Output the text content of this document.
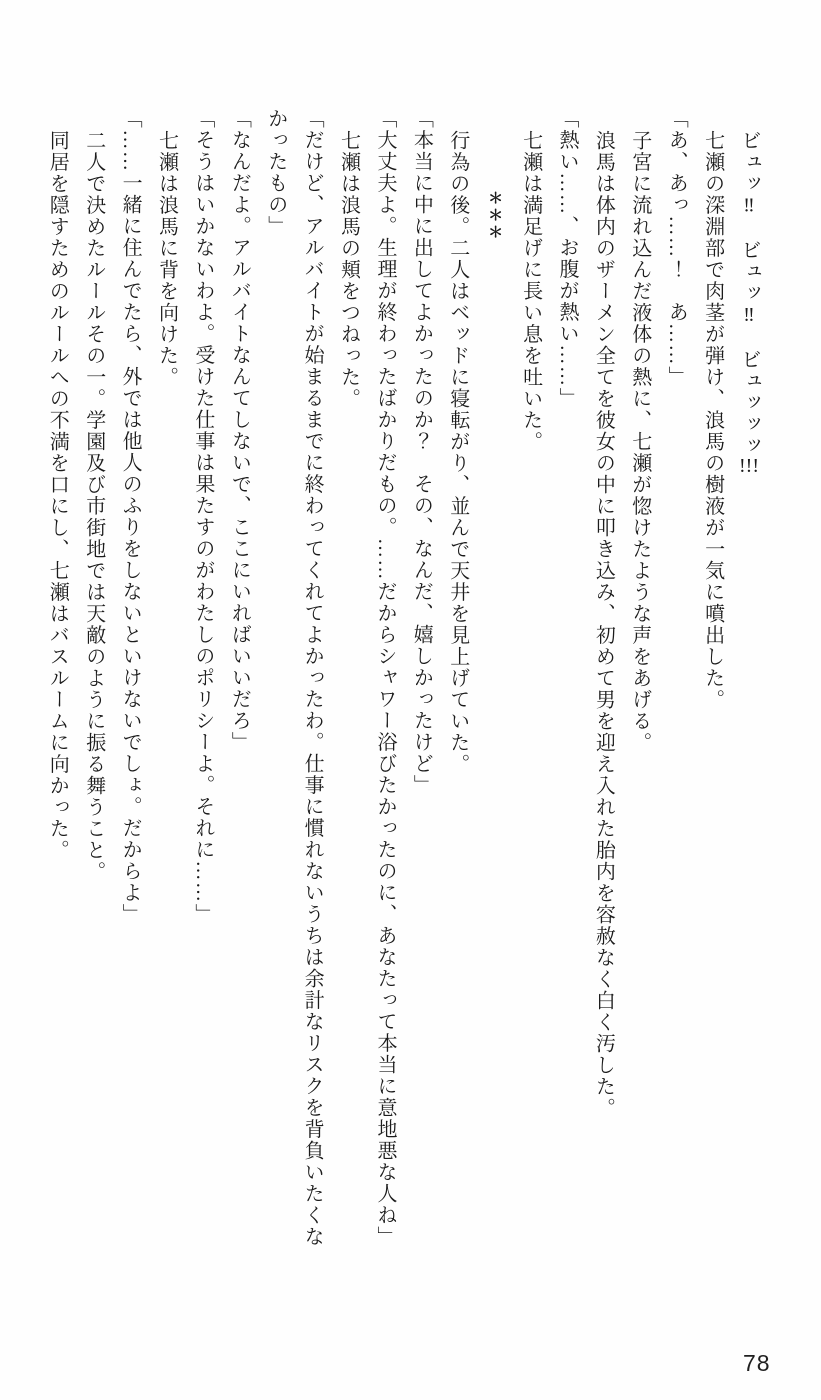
ビュッ‼　ビュッ‼　ビュッッッ!!!

七瀬の深淵部で肉茎が弾け、浪馬の樹液が一気に噴出した。

「あ、あっ……！　あ……」

子宮に流れ込んだ液体の熱に、七瀬が惚けたような声をあげる。

浪馬は体内のザーメン全てを彼女の中に叩き込み、初めて男を迎え入れた胎内を容赦なく白く汚した。

「熱い……、お腹が熱い……」

七瀬は満足げに長い息を吐いた。

＊＊＊

行為の後。二人はベッドに寝転がり、並んで天井を見上げていた。

「本当に中に出してよかったのか？　その、なんだ、嬉しかったけど」

「大丈夫よ。生理が終わったばかりだもの。……だからシャワー浴びたかったのに、あなたって本当に意地悪な人ね」

七瀬は浪馬の頬をつねった。

「だけど、アルバイトが始まるまでに終わってくれてよかったわ。仕事に慣れないうちは余計なリスクを背負いたくな

かったもの」

「なんだよ。アルバイトなんてしないで、ここにいればいいだろ」

「そうはいかないわよ。受けた仕事は果たすのがわたしのポリシーよ。それに……」

七瀬は浪馬に背を向けた。

「……一緒に住んでたら、外では他人のふりをしないといけないでしょ。だからよ」

二人で決めたルールその一。学園及び市街地では天敵のように振る舞うこと。

同居を隠すためのルールへの不満を口にし、七瀬はバスルームに向かった。

78
